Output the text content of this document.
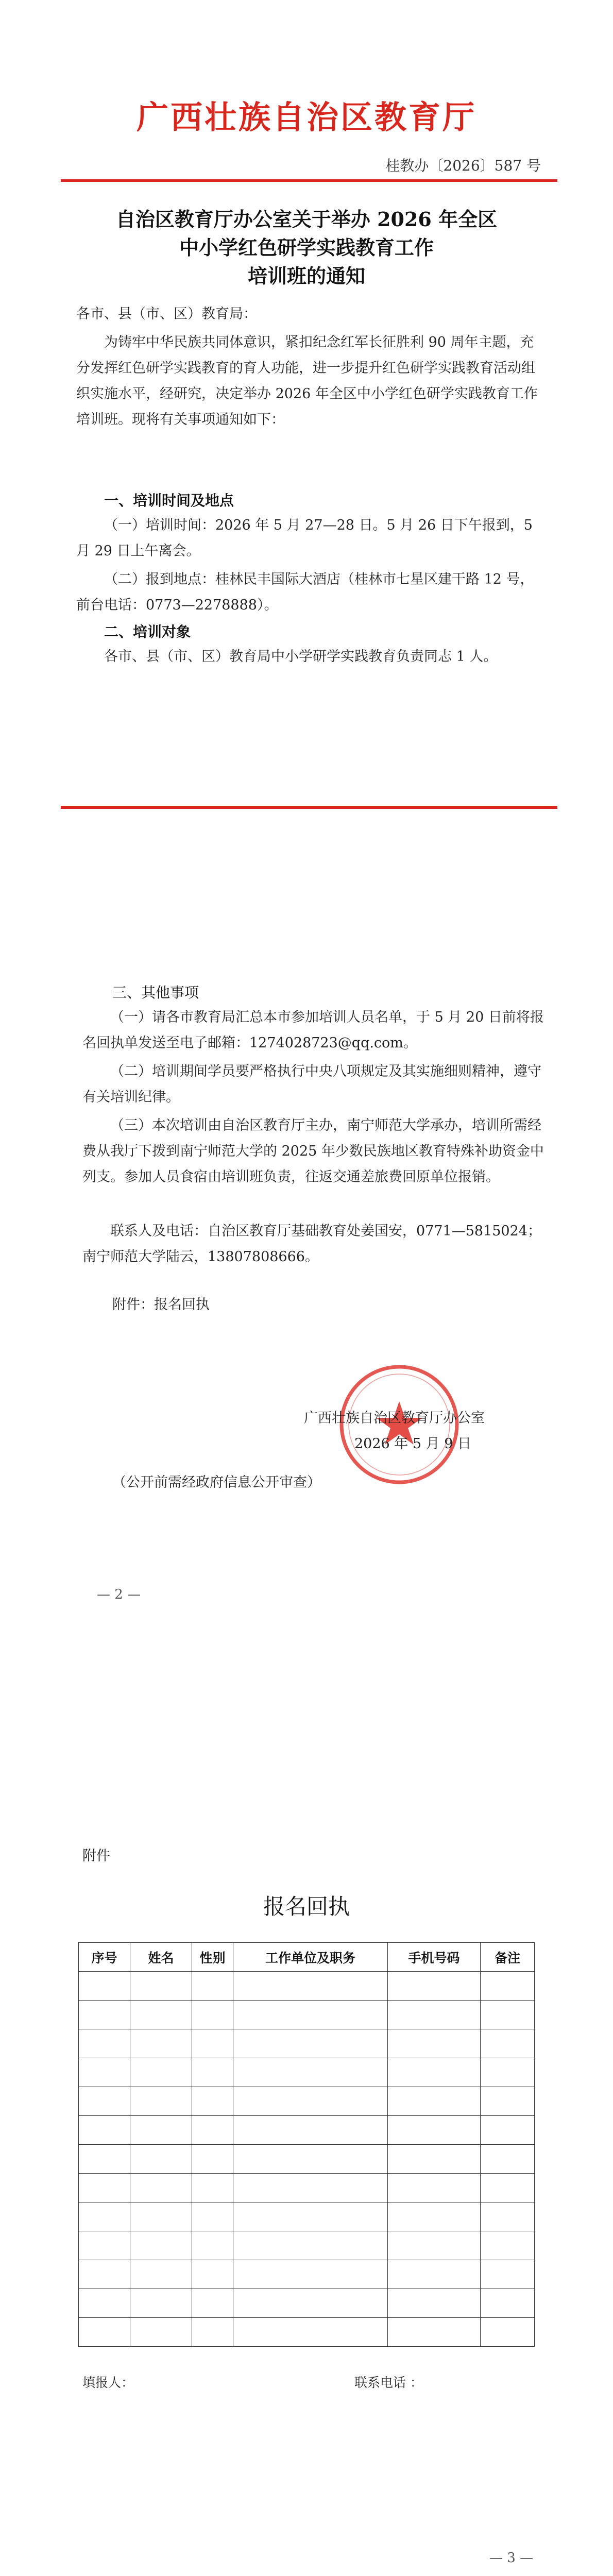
广西壮族自治区教育厅
桂教办〔2026〕587 号
自治区教育厅办公室关于举办 2026 年全区
中小学红色研学实践教育工作
培训班的通知
各市、县（市、区）教育局：

为铸牢中华民族共同体意识，紧扣纪念红军长征胜利 90 周年主题，充分发挥红色研学实践教育的育人功能，进一步提升红色研学实践教育活动组织实施水平，经研究，决定举办 2026 年全区中小学红色研学实践教育工作培训班。现将有关事项通知如下：

一、培训时间及地点

（一）培训时间：2026 年 5 月 27—28 日。5 月 26 日下午报到，5 月 29 日上午离会。

（二）报到地点：桂林民丰国际大酒店（桂林市七星区建干路 12 号，前台电话：0773—2278888）。

二、培训对象

各市、县（市、区）教育局中小学研学实践教育负责同志 1 人。

三、其他事项

（一）请各市教育局汇总本市参加培训人员名单，于 5 月 20 日前将报名回执单发送至电子邮箱：1274028723@qq.com。

（二）培训期间学员要严格执行中央八项规定及其实施细则精神，遵守有关培训纪律。

（三）本次培训由自治区教育厅主办，南宁师范大学承办，培训所需经费从我厅下拨到南宁师范大学的 2025 年少数民族地区教育特殊补助资金中列支。参加人员食宿由培训班负责，往返交通差旅费回原单位报销。

联系人及电话：自治区教育厅基础教育处姜国安，0771—5815024；南宁师范大学陆云，13807808666。

附件：报名回执
广西壮族自治区教育厅办公室
2026 年 5 月 9 日
（公开前需经政府信息公开审查）
— 2 —
附件
报名回执
序号	姓名	性别	工作单位及职务	手机号码	备注

填报人：	联系电话 ：
— 3 —
